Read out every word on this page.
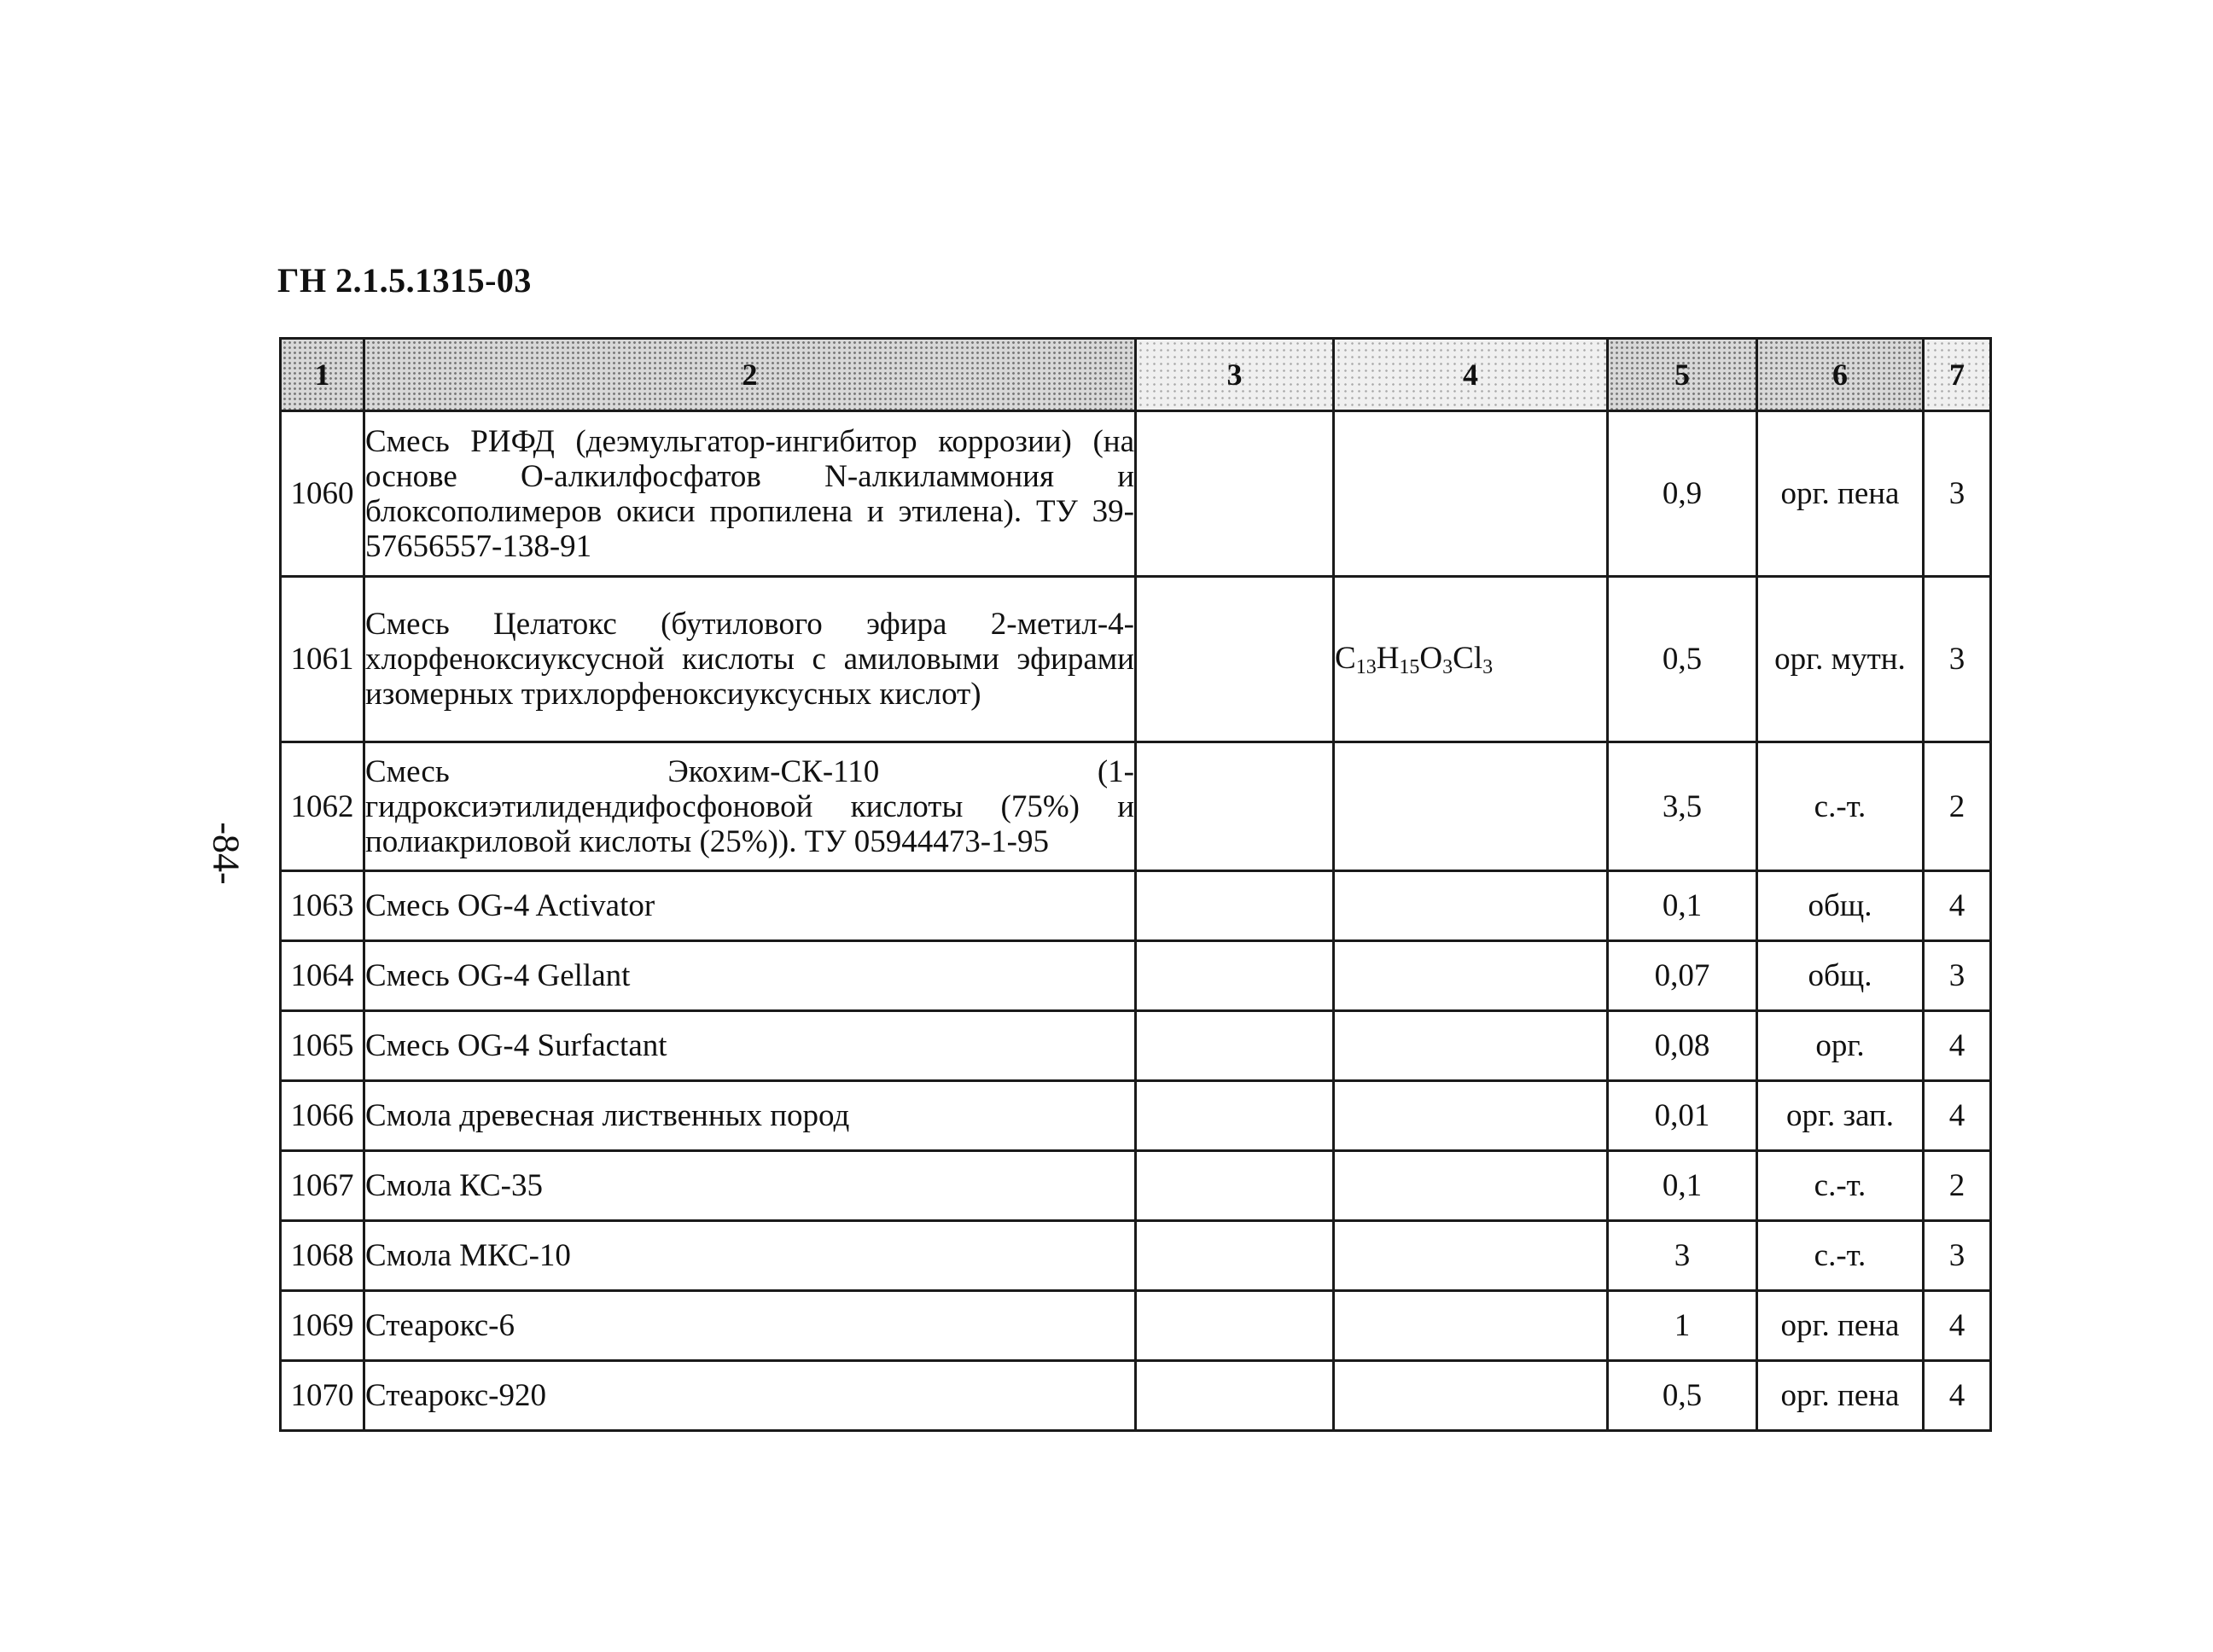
ГН 2.1.5.1315-03
-84-
1	2	3	4	5	6	7
1060	Смесь РИФД (деэмульгатор-ингибитор коррозии) (на основе О-алкилфосфатов N-алкиламмония и блоксополимеров окиси пропилена и этилена). ТУ 39-57656557-138-91			0,9	орг. пена	3
1061	Смесь Целатокс (бутилового эфира 2-метил-4-хлорфеноксиуксусной кислоты с амиловыми эфирами изомерных трихлорфеноксиуксусных кислот)		$C_{13}H_{15}O_3Cl_3$	0,5	орг. мутн.	3
1062	Смесь Экохим-СК-110 (1-гидроксиэтилидендифосфоновой кислоты (75%) и полиакриловой кислоты (25%)). ТУ 05944473-1-95			3,5	с.-т.	2
1063	Смесь OG-4 Activator			0,1	общ.	4
1064	Смесь OG-4 Gellant			0,07	общ.	3
1065	Смесь OG-4 Surfactant			0,08	орг.	4
1066	Смола древесная лиственных пород			0,01	орг. зап.	4
1067	Смола КС-35			0,1	с.-т.	2
1068	Смола МКС-10			3	с.-т.	3
1069	Стеарокс-6			1	орг. пена	4
1070	Стеарокс-920			0,5	орг. пена	4
